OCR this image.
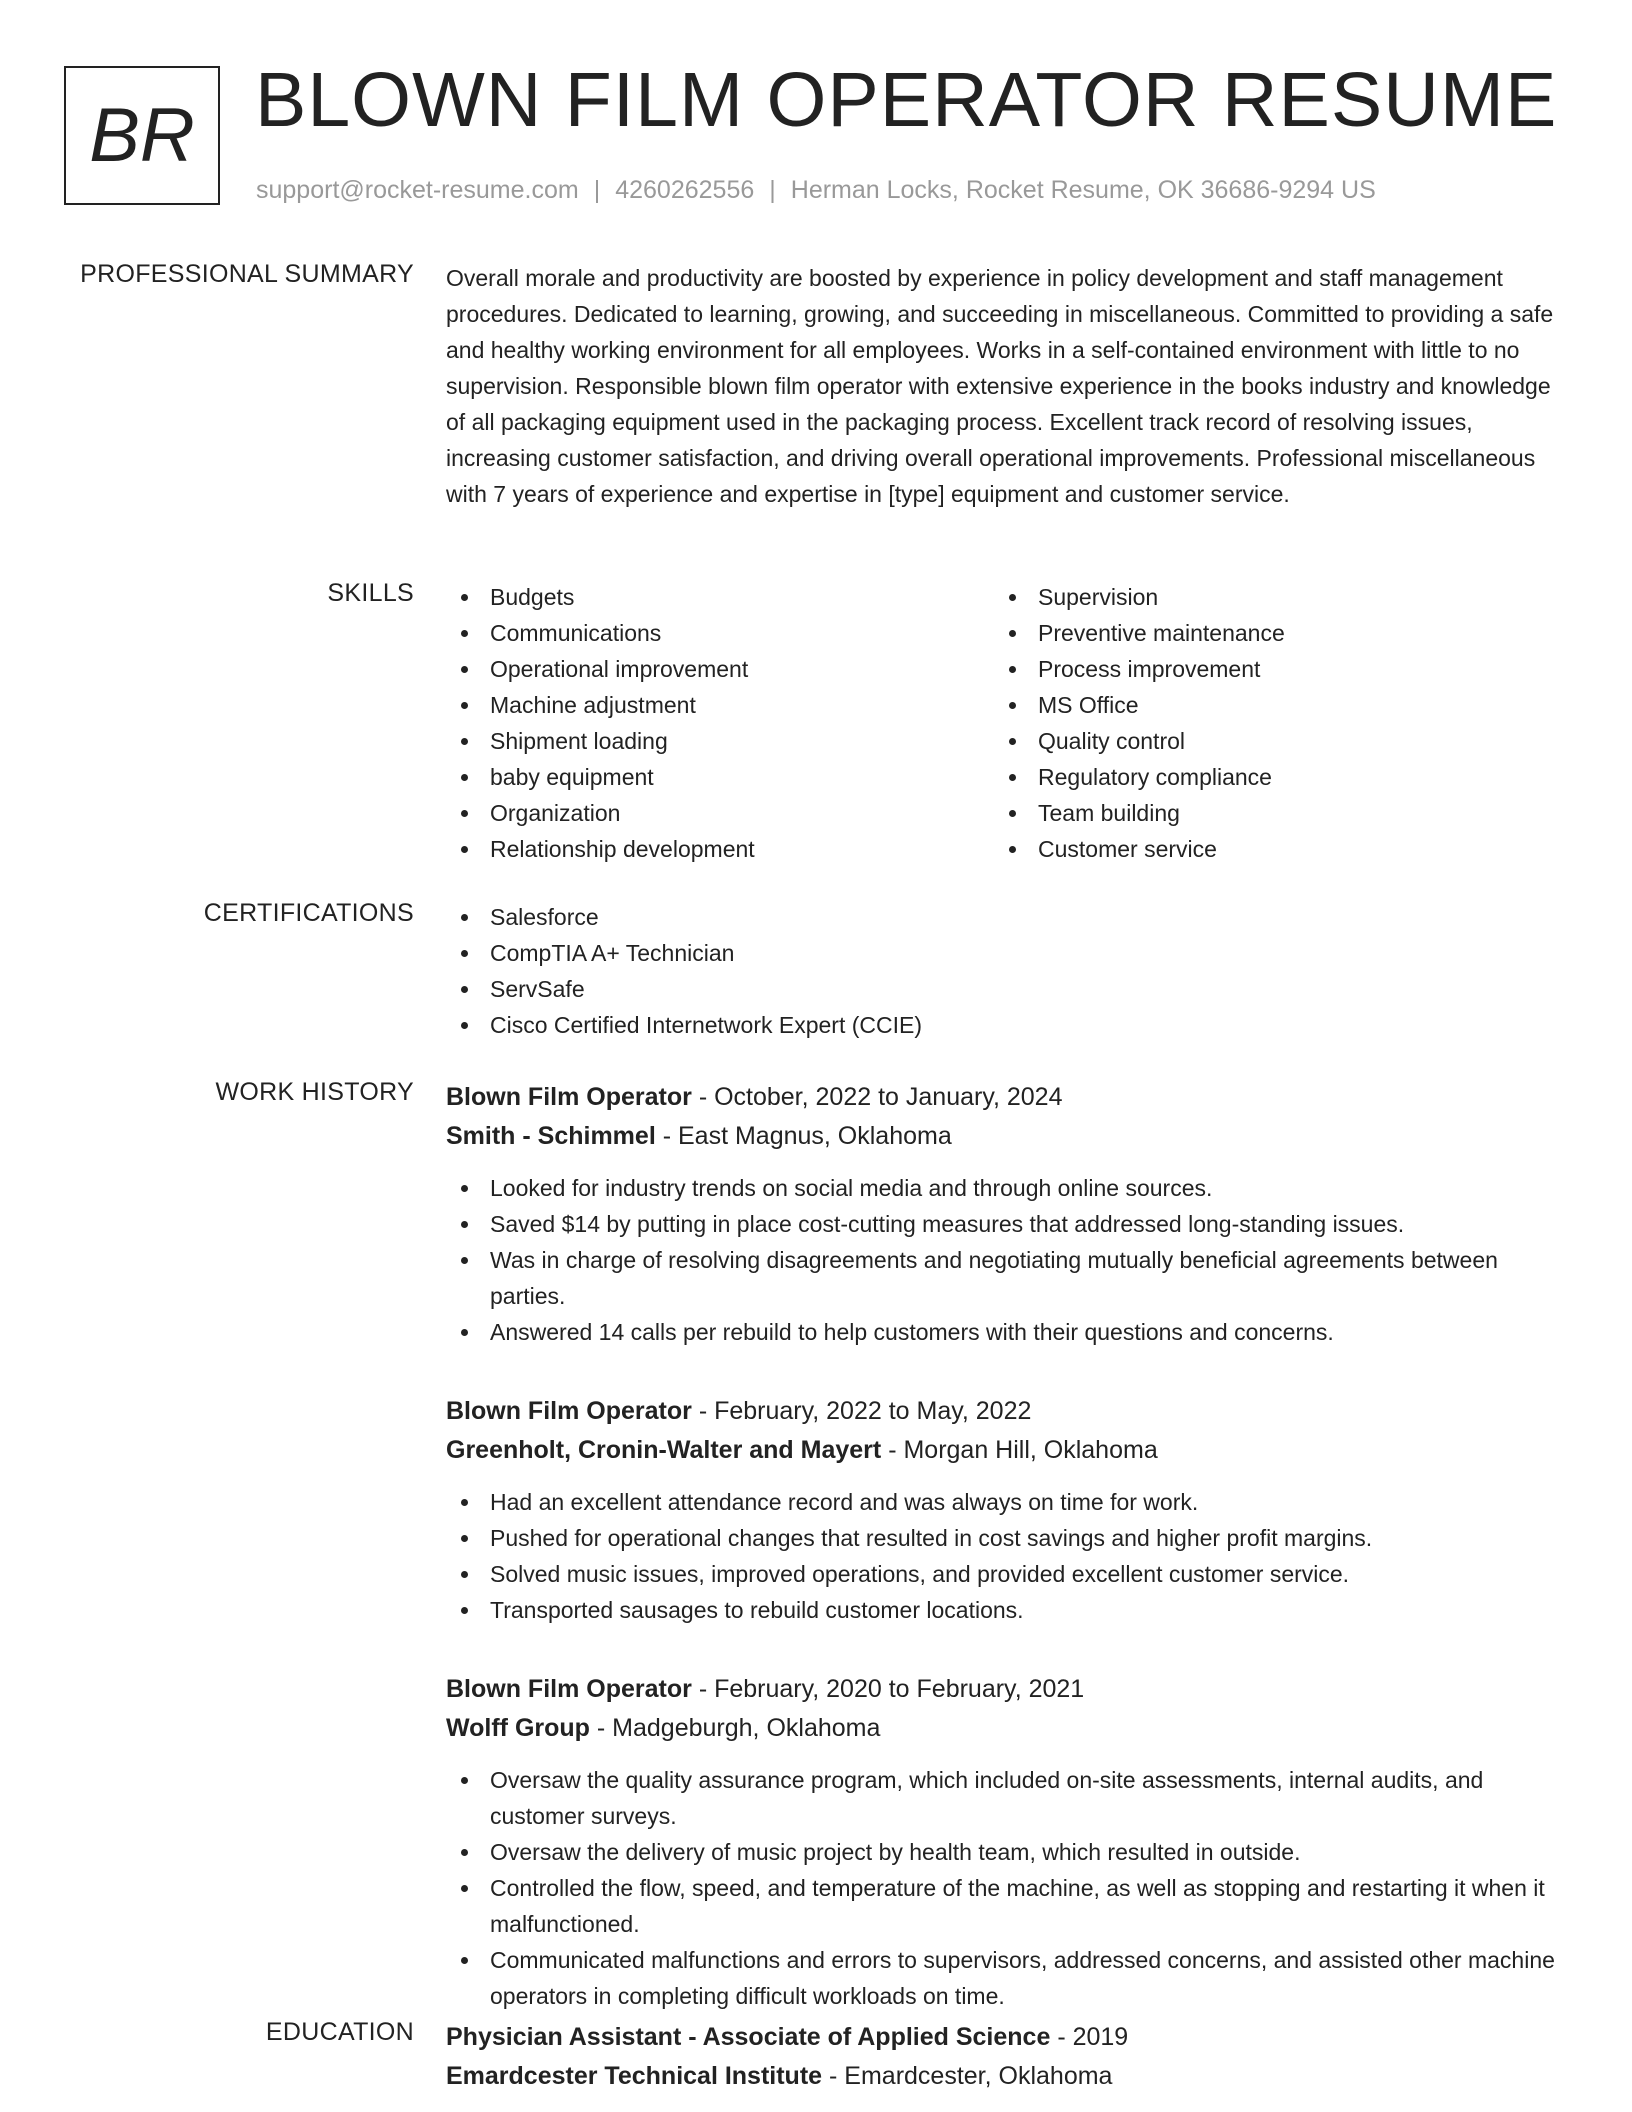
BR BLOWN FILM OPERATOR RESUME
support@rocket-resume.com | 4260262556 | Herman Locks, Rocket Resume, OK 36686-9294 US
PROFESSIONAL SUMMARY Overall morale and productivity are boosted by experience in policy development and staff management procedures. Dedicated to learning, growing, and succeeding in miscellaneous. Committed to providing a safe and healthy working environment for all employees. Works in a self-contained environment with little to no supervision. Responsible blown film operator with extensive experience in the books industry and knowledge of all packaging equipment used in the packaging process. Excellent track record of resolving issues, increasing customer satisfaction, and driving overall operational improvements. Professional miscellaneous with 7 years of experience and expertise in [type] equipment and customer service.

SKILLS	Budgets
Communications
Operational improvement
Machine adjustment
Shipment loading
baby equipment
Organization
Relationship development
Supervision
Preventive maintenance
Process improvement
MS Office
Quality control
Regulatory compliance
Team building
Customer service
CERTIFICATIONS	Salesforce
CompTIA A+ Technician
ServSafe
Cisco Certified Internetwork Expert (CCIE)
WORK HISTORY Blown Film Operator - October, 2022 to January, 2024
Smith - Schimmel - East Magnus, Oklahoma
Looked for industry trends on social media and through online sources.
Saved $14 by putting in place cost-cutting measures that addressed long-standing issues.
Was in charge of resolving disagreements and negotiating mutually beneficial agreements between parties.
Answered 14 calls per rebuild to help customers with their questions and concerns.
Blown Film Operator - February, 2022 to May, 2022
Greenholt, Cronin-Walter and Mayert - Morgan Hill, Oklahoma
Had an excellent attendance record and was always on time for work.
Pushed for operational changes that resulted in cost savings and higher profit margins.
Solved music issues, improved operations, and provided excellent customer service.
Transported sausages to rebuild customer locations.
Blown Film Operator - February, 2020 to February, 2021
Wolff Group - Madgeburgh, Oklahoma
Oversaw the quality assurance program, which included on-site assessments, internal audits, and customer surveys.
Oversaw the delivery of music project by health team, which resulted in outside.
Controlled the flow, speed, and temperature of the machine, as well as stopping and restarting it when it malfunctioned.
Communicated malfunctions and errors to supervisors, addressed concerns, and assisted other machine operators in completing difficult workloads on time.
EDUCATION Physician Assistant - Associate of Applied Science - 2019
Emardcester Technical Institute - Emardcester, Oklahoma
